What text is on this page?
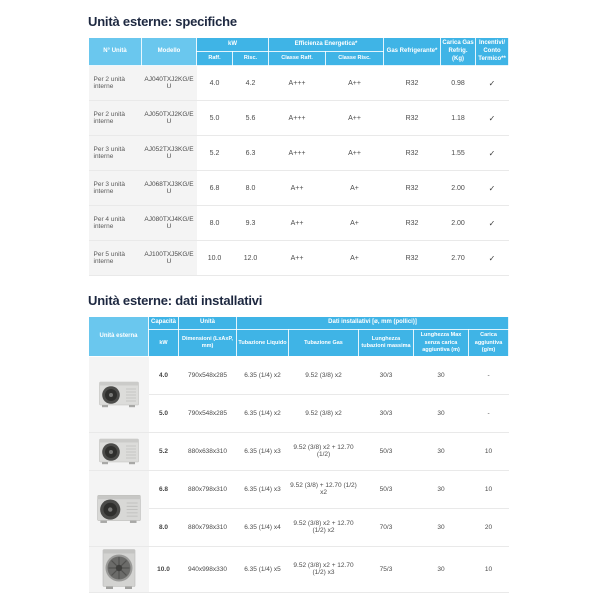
Unità esterne: specifiche
N° Unità	Modello	kW		Efficienza Energetica*		Gas Refrigerante*	Carica Gas Refrig. (Kg)	Incentivi/ Conto Termico**
		Raff.	Risc.	Classe Raff.	Classe Risc.			
Per 2 unità interne	AJ040TXJ2KG/EU	4.0	4.2	A+++	A++	R32	0.98	✓
Per 2 unità interne	AJ050TXJ2KG/EU	5.0	5.6	A+++	A++	R32	1.18	✓
Per 3 unità interne	AJ052TXJ3KG/EU	5.2	6.3	A+++	A++	R32	1.55	✓
Per 3 unità interne	AJ068TXJ3KG/EU	6.8	8.0	A++	A+	R32	2.00	✓
Per 4 unità interne	AJ080TXJ4KG/EU	8.0	9.3	A++	A+	R32	2.00	✓
Per 5 unità interne	AJ100TXJ5KG/EU	10.0	12.0	A++	A+	R32	2.70	✓
Unità esterne: dati installativi
Unità esterna	Capacità	Unità	Dati installativi [ø, mm (pollici)]				
	kW	Dimensioni (LxAxP, mm)	Tubazione Liquido	Tubazione Gas	Lunghezza tubazioni massima	Lunghezza Max senza carica aggiuntiva (m)	Carica aggiuntiva (g/m)

	4.0	790x548x285	6.35 (1/4) x2	9.52 (3/8) x2	30/3	30	-
	5.0	790x548x285	6.35 (1/4) x2	9.52 (3/8) x2	30/3	30	-

	5.2	880x638x310	6.35 (1/4) x3	9.52 (3/8) x2 + 12.70 (1/2)	50/3	30	10

	6.8	880x798x310	6.35 (1/4) x3	9.52 (3/8) + 12.70 (1/2) x2	50/3	30	10
	8.0	880x798x310	6.35 (1/4) x4	9.52 (3/8) x2 + 12.70 (1/2) x2	70/3	30	20

	10.0	940x998x330	6.35 (1/4) x5	9.52 (3/8) x2 + 12.70 (1/2) x3	75/3	30	10
